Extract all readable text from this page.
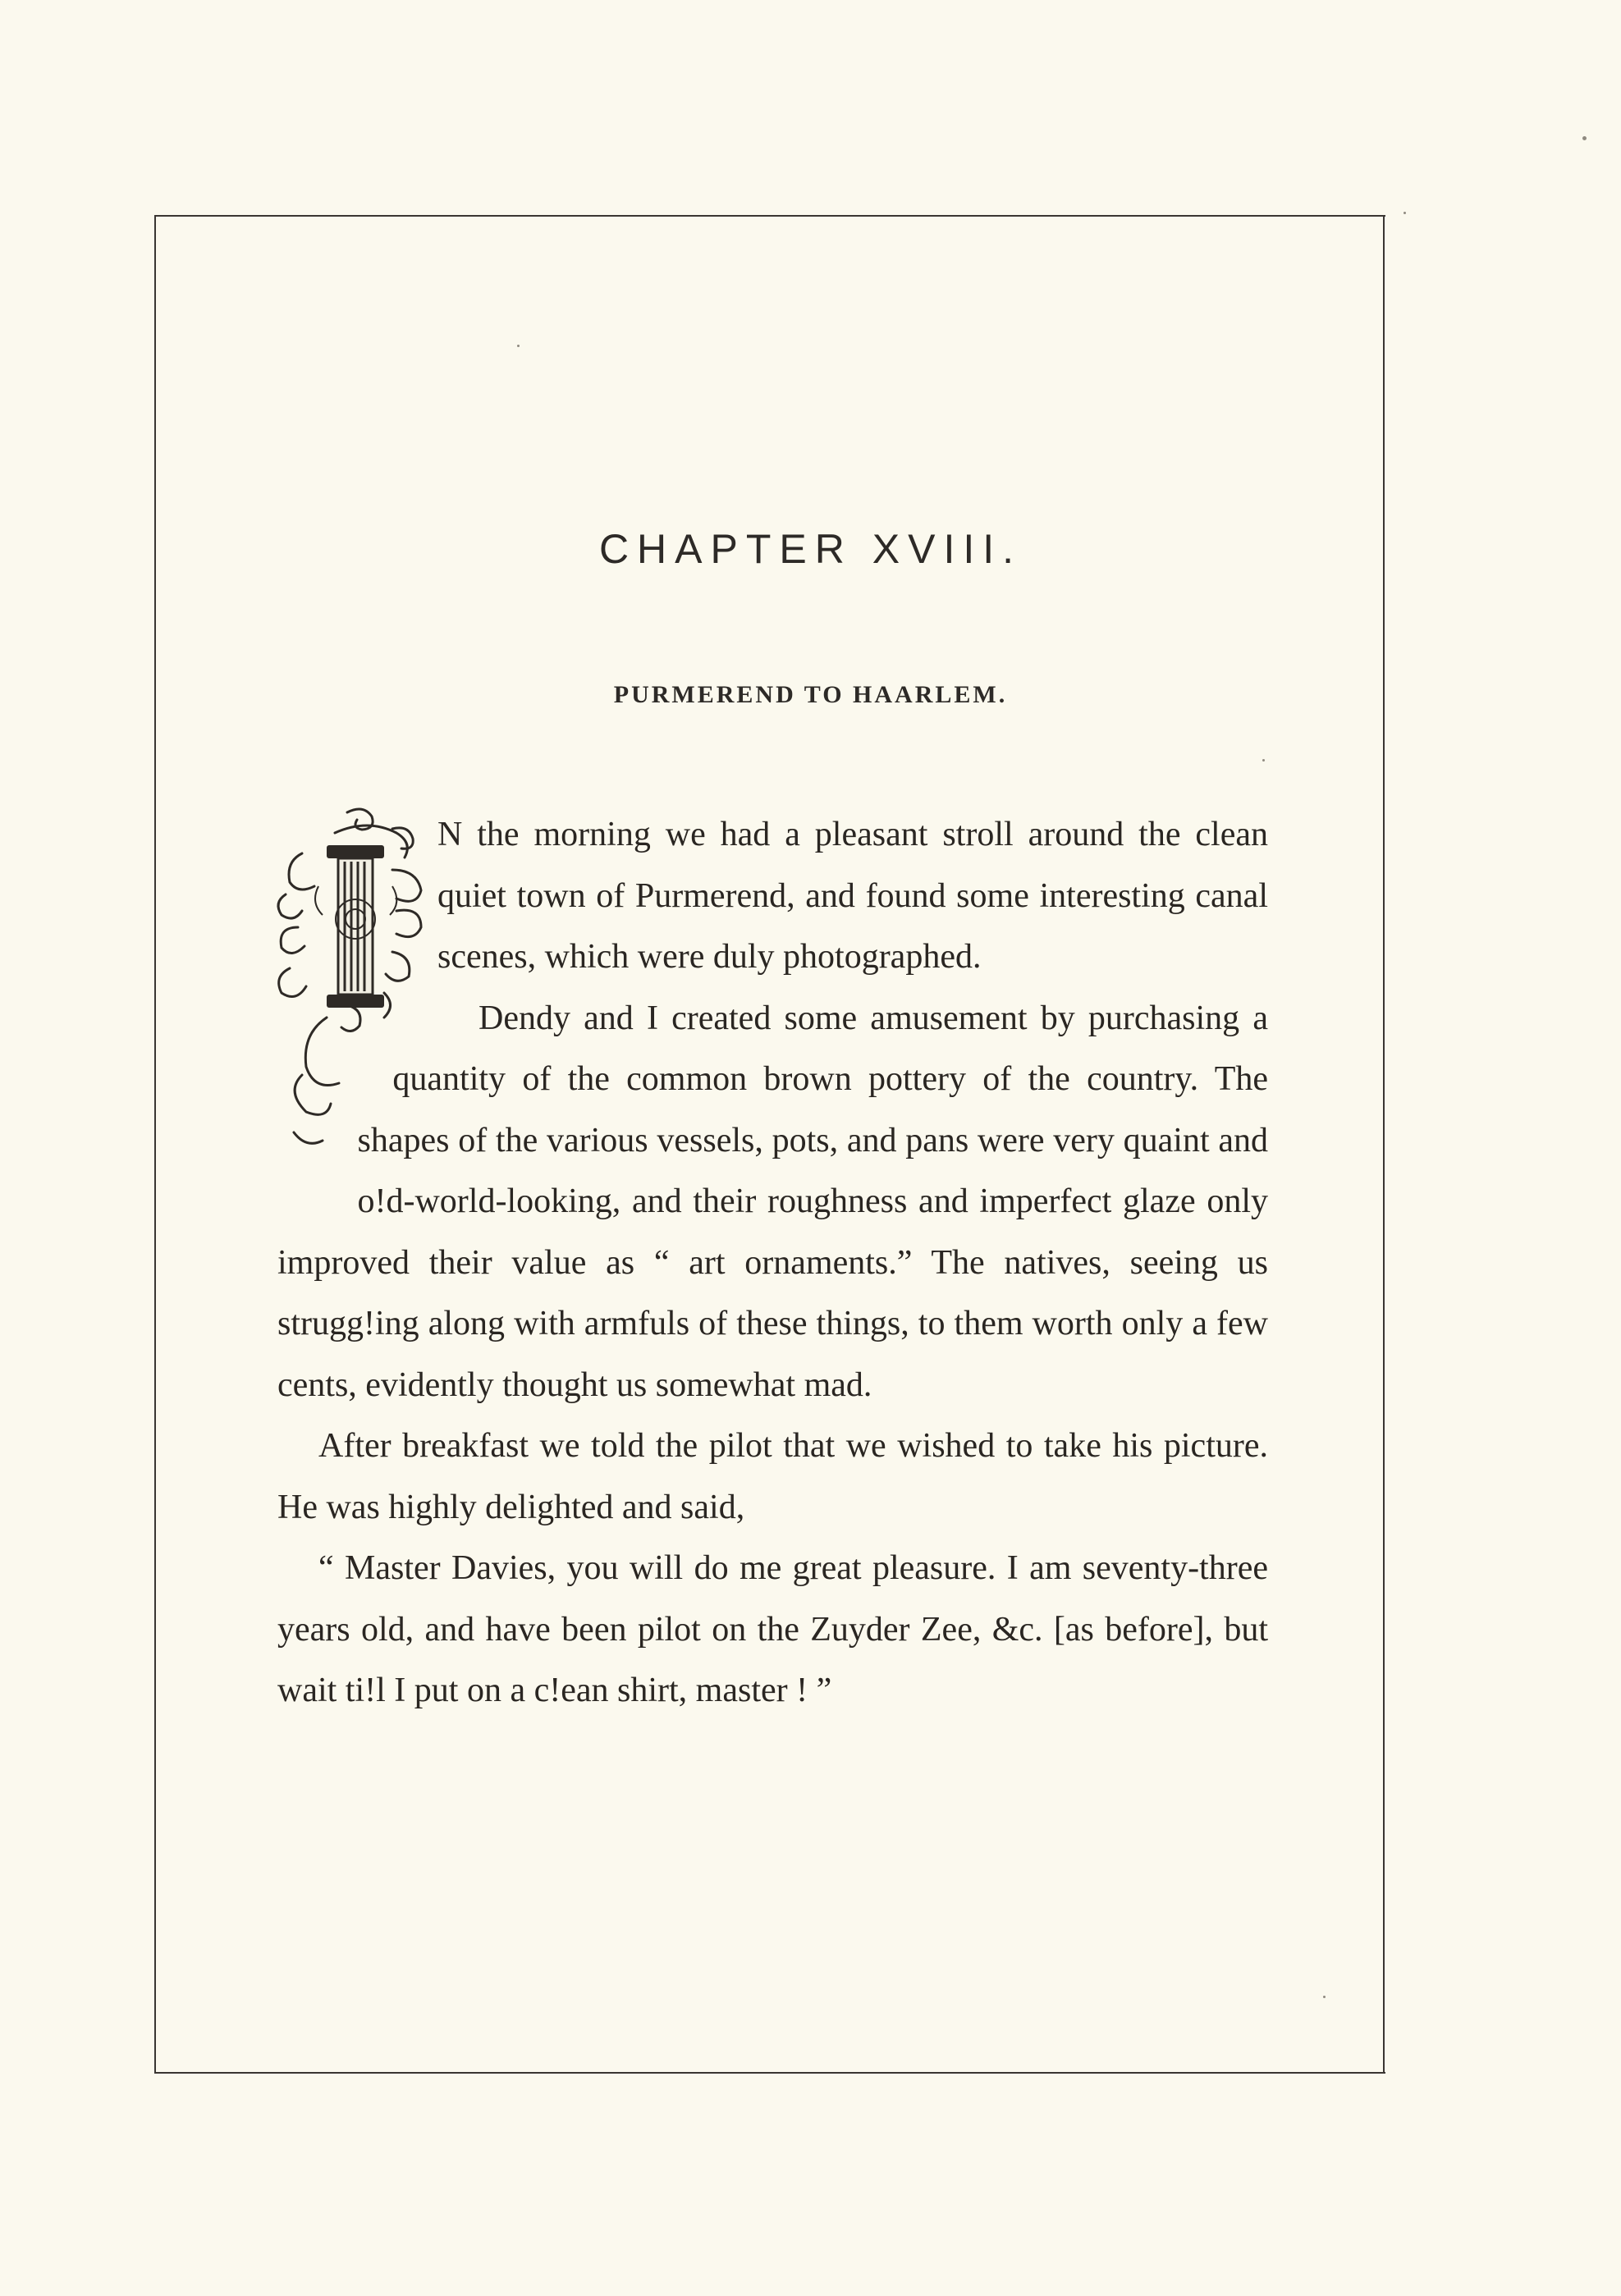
CHAPTER XVIII.
PURMEREND TO HAARLEM.

N the morning we had a pleasant stroll around the clean quiet town of Purmerend, and found some interesting canal scenes, which were duly photographed.

Dendy and I created some amusement by purchasing a quantity of the common brown pottery of the country. The shapes of the various vessels, pots, and pans were very quaint and o!d-world-looking, and their roughness and imperfect glaze only improved their value as “ art ornaments.” The natives, seeing us strugg!ing along with armfuls of these things, to them worth only a few cents, evidently thought us somewhat mad.

After breakfast we told the pilot that we wished to take his picture. He was highly delighted and said,

“ Master Davies, you will do me great pleasure. I am seventy-three years old, and have been pilot on the Zuyder Zee, &c. [as before], but wait ti!l I put on a c!ean shirt, master ! ”
